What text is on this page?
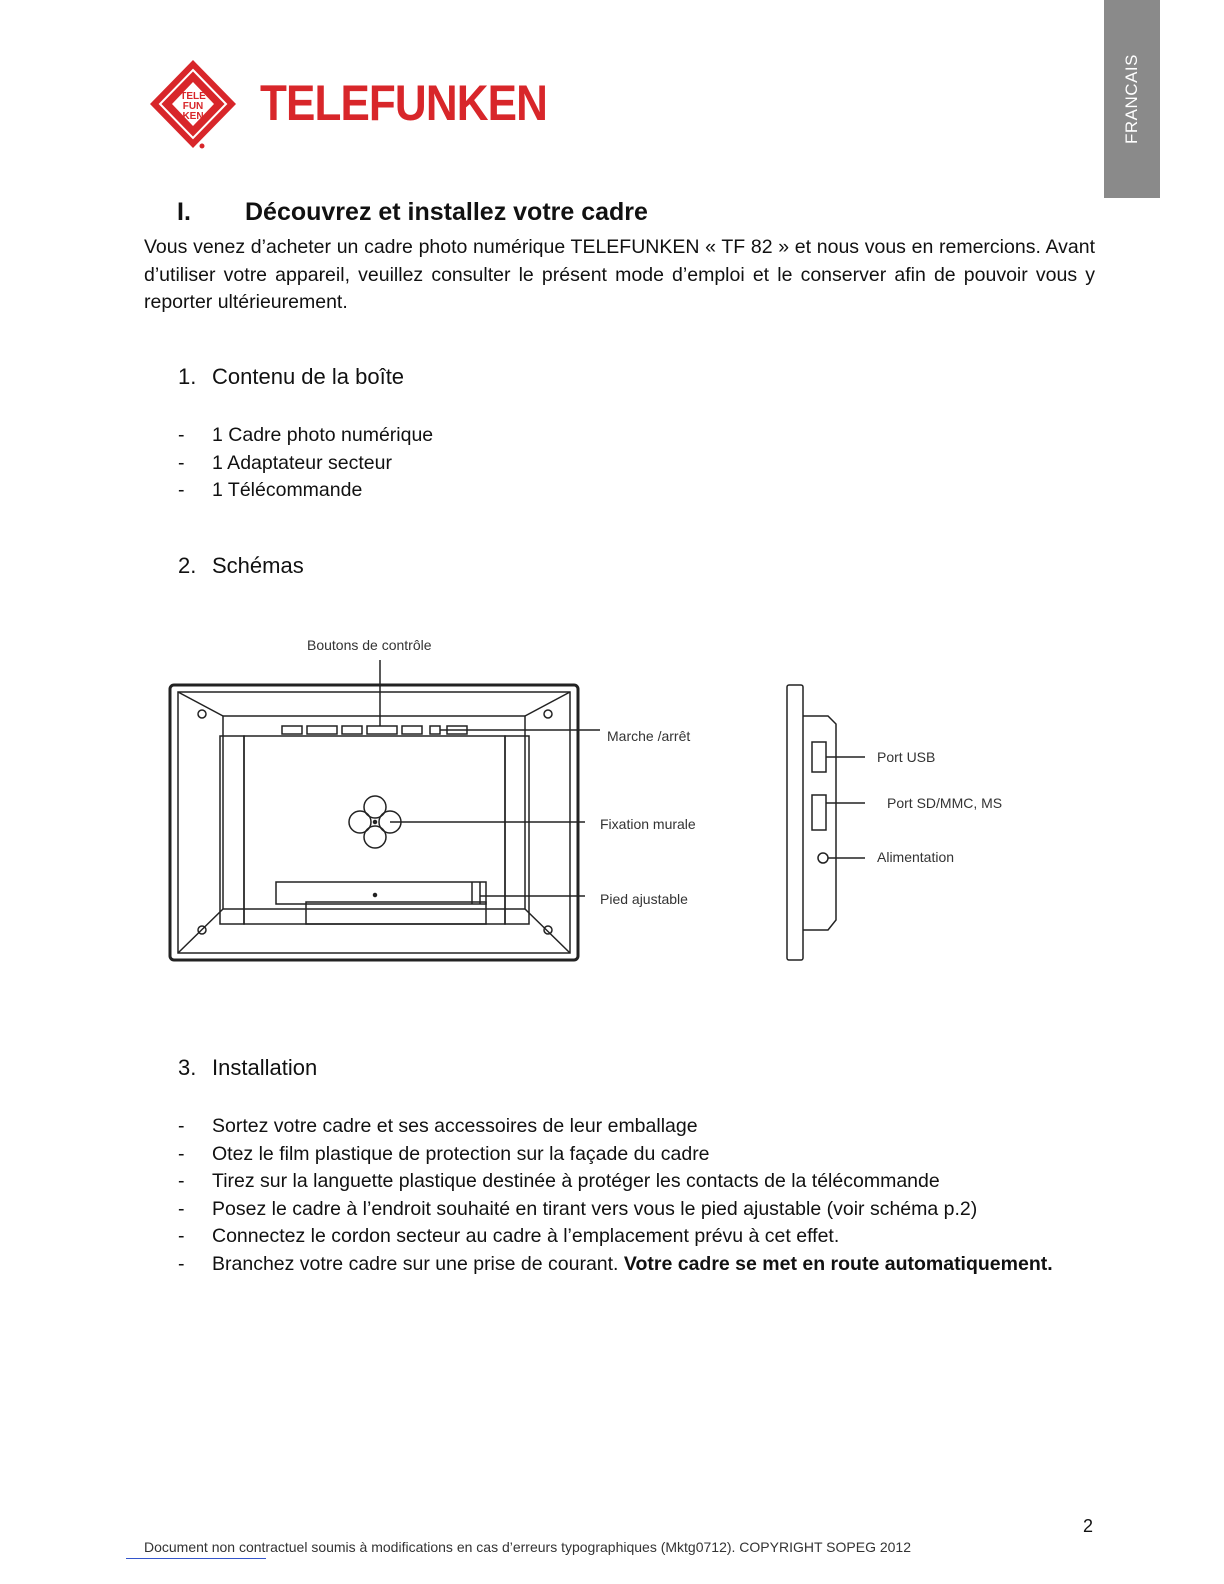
FRANCAIS
TELE
FUN
KEN TELEFUNKEN
I. Découvrez et installez votre cadre

Vous venez d’acheter un cadre photo numérique TELEFUNKEN « TF 82 » et nous vous en remercions. Avant d’utiliser votre appareil, veuillez consulter le présent mode d’emploi et le conserver afin de pouvoir vous y reporter ultérieurement.

1. Contenu de la boîte
- 1 Cadre photo numérique
- 1 Adaptateur secteur
- 1 Télécommande
2. Schémas
Boutons de contrôle
Marche /arrêt
Fixation murale
Pied ajustable
Port USB
Port SD/MMC, MS
Alimentation
3. Installation
- Sortez votre cadre et ses accessoires de leur emballage
- Otez le film plastique de protection sur la façade du cadre
- Tirez sur la languette plastique destinée à protéger les contacts de la télécommande
- Posez le cadre à l’endroit souhaité en tirant vers vous le pied ajustable (voir schéma p.2)
- Connectez le cordon secteur au cadre à l’emplacement prévu à cet effet.
- Branchez votre cadre sur une prise de courant. Votre cadre se met en route automatiquement.
2
Document non contractuel soumis à modifications en cas d’erreurs typographiques (Mktg0712). COPYRIGHT SOPEG 2012
